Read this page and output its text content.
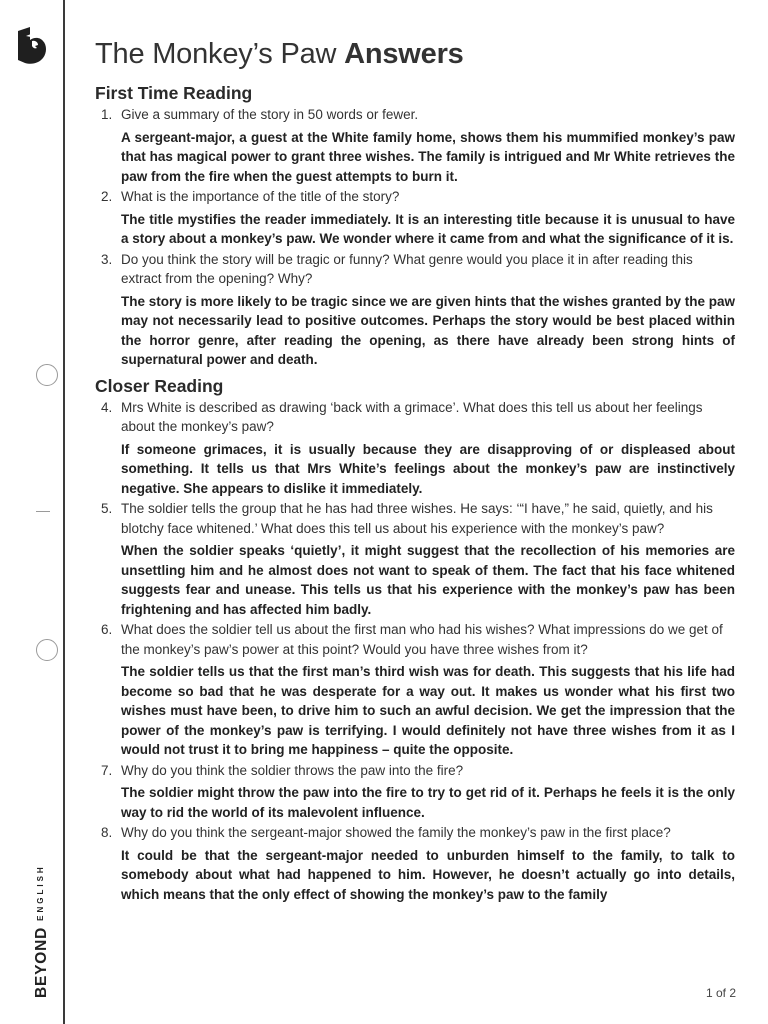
BEYONDENGLISH
The Monkey’s Paw Answers
First Time Reading
1. Give a summary of the story in 50 words or fewer.

A sergeant-major, a guest at the White family home, shows them his mummified monkey’s paw that has magical power to grant three wishes. The family is intrigued and Mr White retrieves the paw from the fire when the guest attempts to burn it.

2. What is the importance of the title of the story?

The title mystifies the reader immediately. It is an interesting title because it is unusual to have a story about a monkey’s paw. We wonder where it came from and what the significance of it is.

3. Do you think the story will be tragic or funny? What genre would you place it in after reading this extract from the opening? Why?

The story is more likely to be tragic since we are given hints that the wishes granted by the paw may not necessarily lead to positive outcomes. Perhaps the story would be best placed within the horror genre, after reading the opening, as there have already been strong hints of supernatural power and death.

Closer Reading
4. Mrs White is described as drawing ‘back with a grimace’. What does this tell us about her feelings about the monkey’s paw?

If someone grimaces, it is usually because they are disapproving of or displeased about something. It tells us that Mrs White’s feelings about the monkey’s paw are instinctively negative. She appears to dislike it immediately.

5. The soldier tells the group that he has had three wishes. He says: ‘“I have,” he said, quietly, and his blotchy face whitened.’ What does this tell us about his experience with the monkey’s paw?

When the soldier speaks ‘quietly’, it might suggest that the recollection of his memories are unsettling him and he almost does not want to speak of them. The fact that his face whitened suggests fear and unease. This tells us that his experience with the monkey’s paw has been frightening and has affected him badly.

6. What does the soldier tell us about the first man who had his wishes? What impressions do we get of the monkey’s paw’s power at this point? Would you have three wishes from it?

The soldier tells us that the first man’s third wish was for death. This suggests that his life had become so bad that he was desperate for a way out. It makes us wonder what his first two wishes must have been, to drive him to such an awful decision. We get the impression that the power of the monkey’s paw is terrifying. I would definitely not have three wishes from it as I would not trust it to bring me happiness – quite the opposite.

7. Why do you think the soldier throws the paw into the fire?

The soldier might throw the paw into the fire to try to get rid of it. Perhaps he feels it is the only way to rid the world of its malevolent influence.

8. Why do you think the sergeant-major showed the family the monkey’s paw in the first place?

It could be that the sergeant-major needed to unburden himself to the family, to talk to somebody about what had happened to him. However, he doesn’t actually go into details, which means that the only effect of showing the monkey’s paw to the family

1 of 2
